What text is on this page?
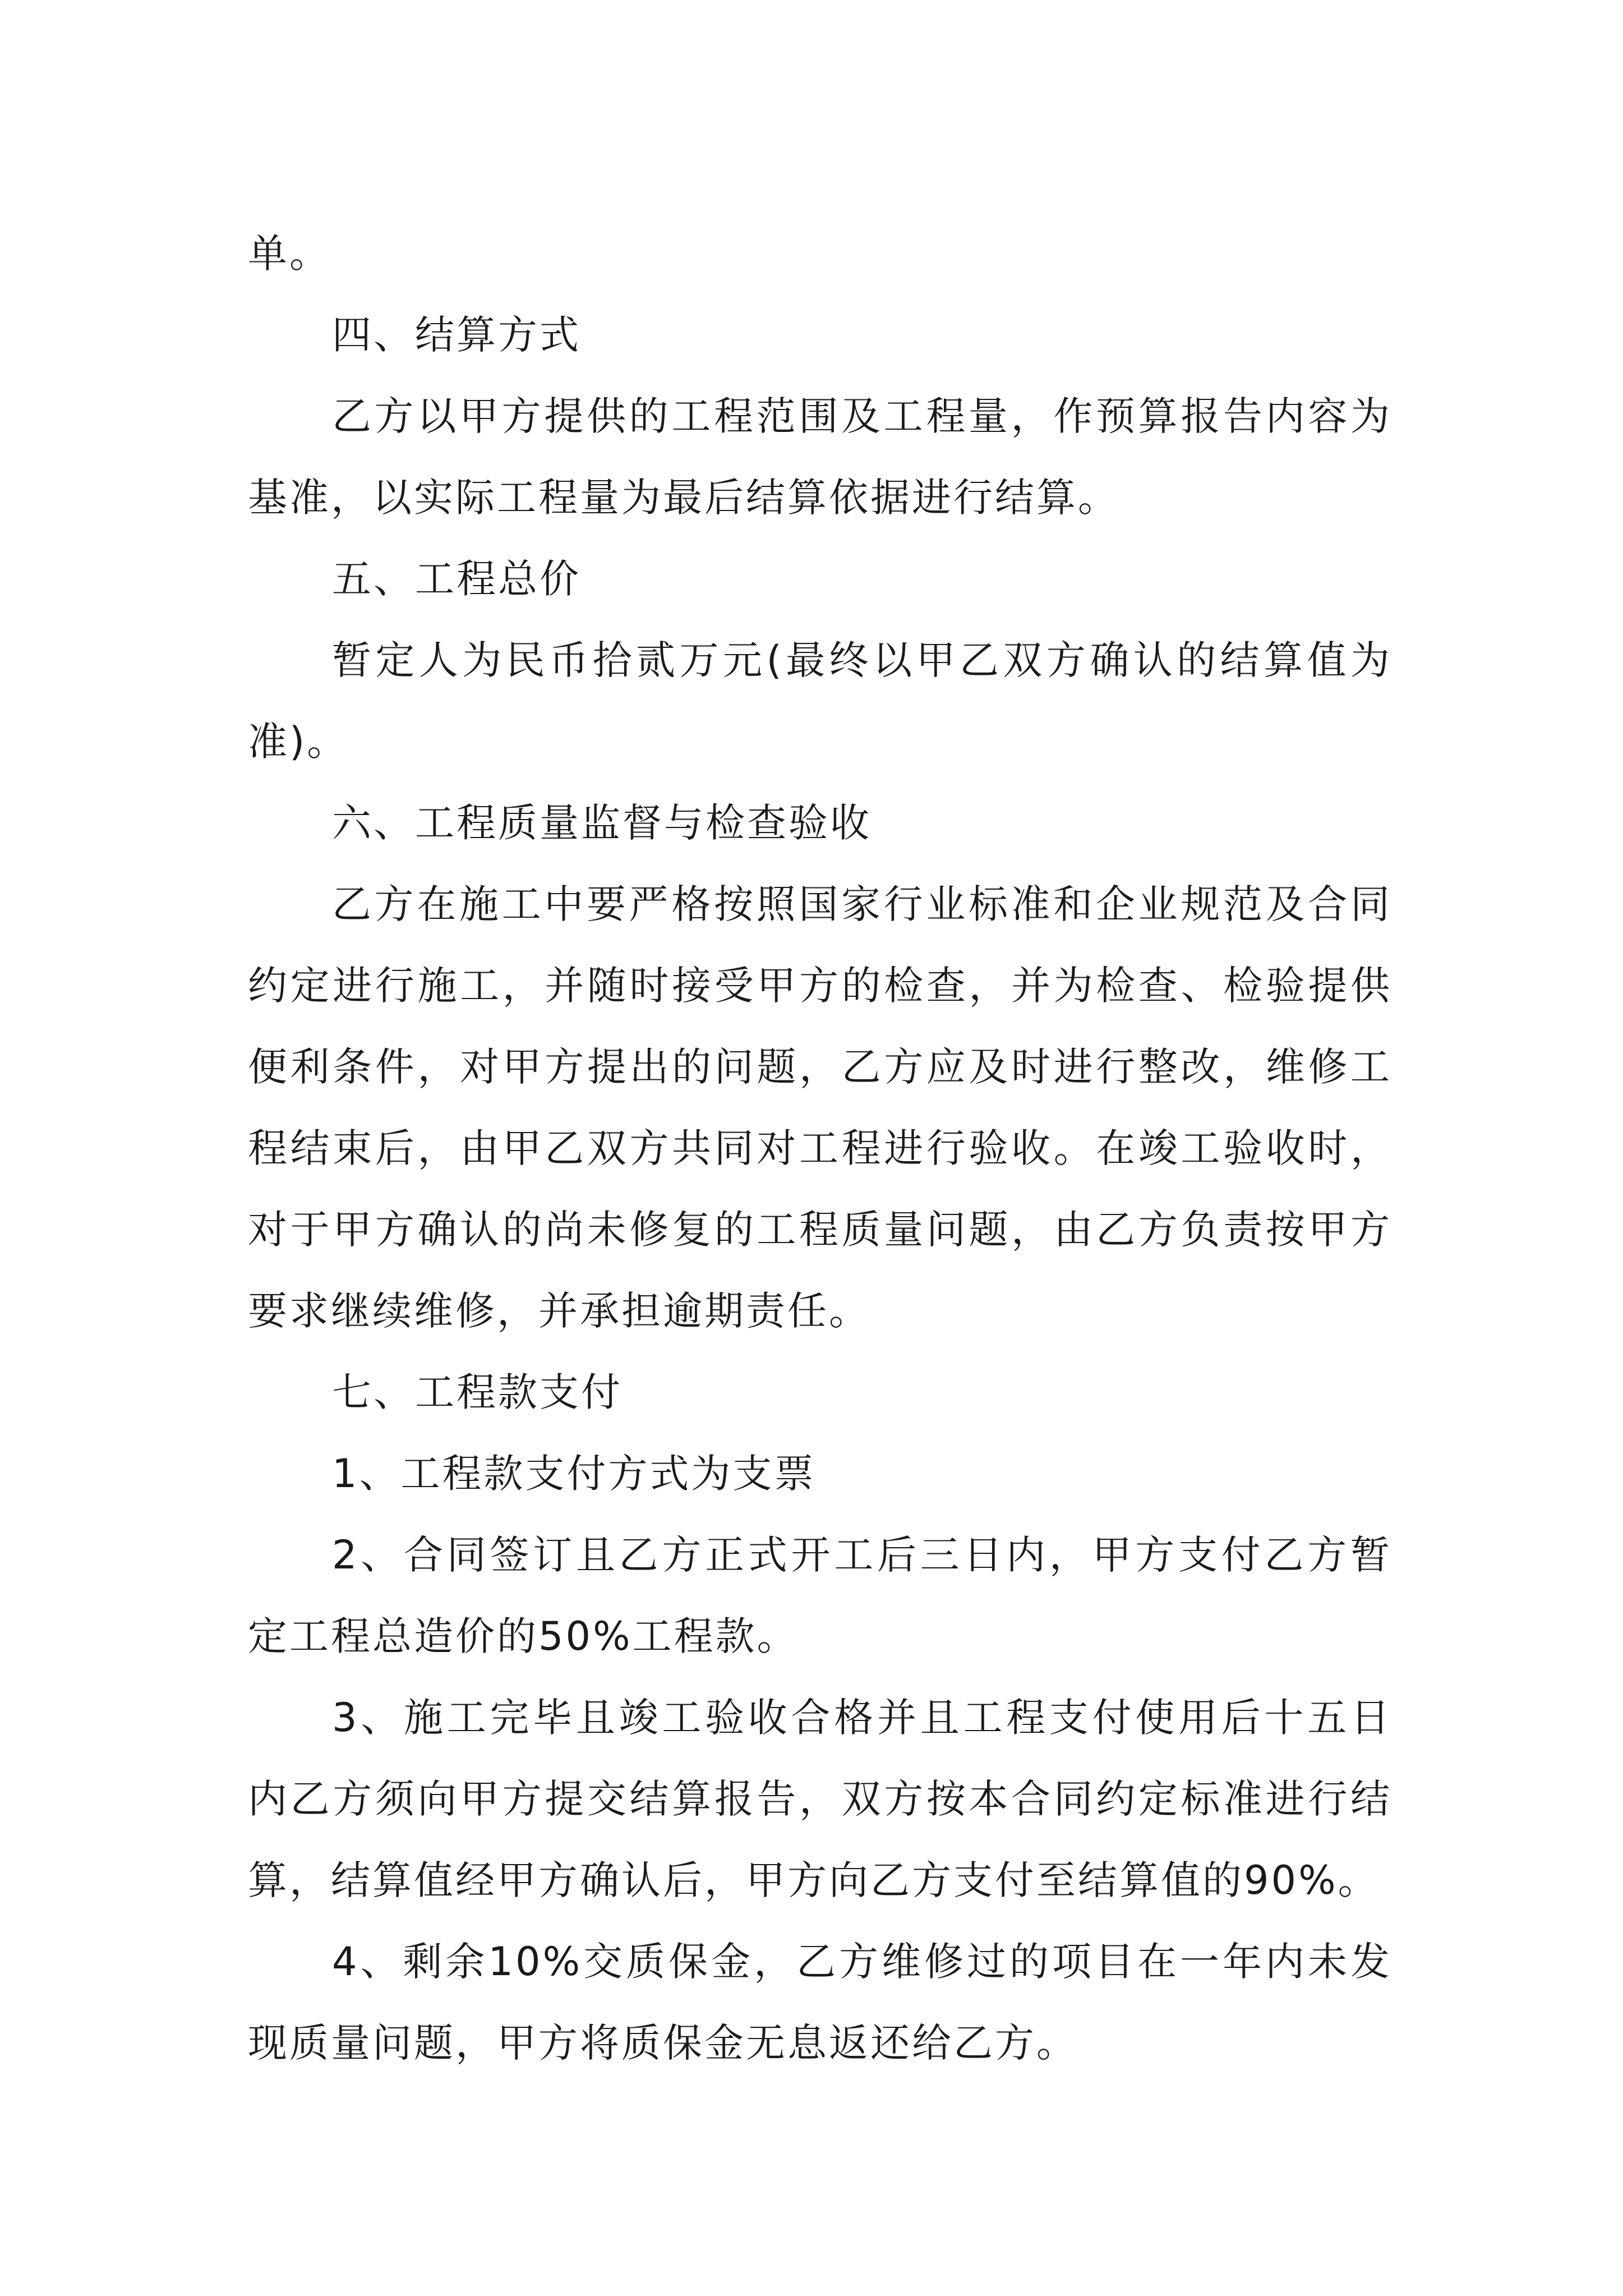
单。

四、结算方式

乙方以甲方提供的工程范围及工程量，作预算报告内容为基准，以实际工程量为最后结算依据进行结算。

五、工程总价

暂定人为民币拾贰万元(最终以甲乙双方确认的结算值为准)。

六、工程质量监督与检查验收

乙方在施工中要严格按照国家行业标准和企业规范及合同约定进行施工，并随时接受甲方的检查，并为检查、检验提供便利条件，对甲方提出的问题，乙方应及时进行整改，维修工程结束后，由甲乙双方共同对工程进行验收。在竣工验收时，对于甲方确认的尚未修复的工程质量问题，由乙方负责按甲方要求继续维修，并承担逾期责任。

七、工程款支付

1、工程款支付方式为支票

2、合同签订且乙方正式开工后三日内，甲方支付乙方暂定工程总造价的50%工程款。

3、施工完毕且竣工验收合格并且工程支付使用后十五日内乙方须向甲方提交结算报告，双方按本合同约定标准进行结算，结算值经甲方确认后，甲方向乙方支付至结算值的90%。

4、剩余10%交质保金，乙方维修过的项目在一年内未发现质量问题，甲方将质保金无息返还给乙方。
